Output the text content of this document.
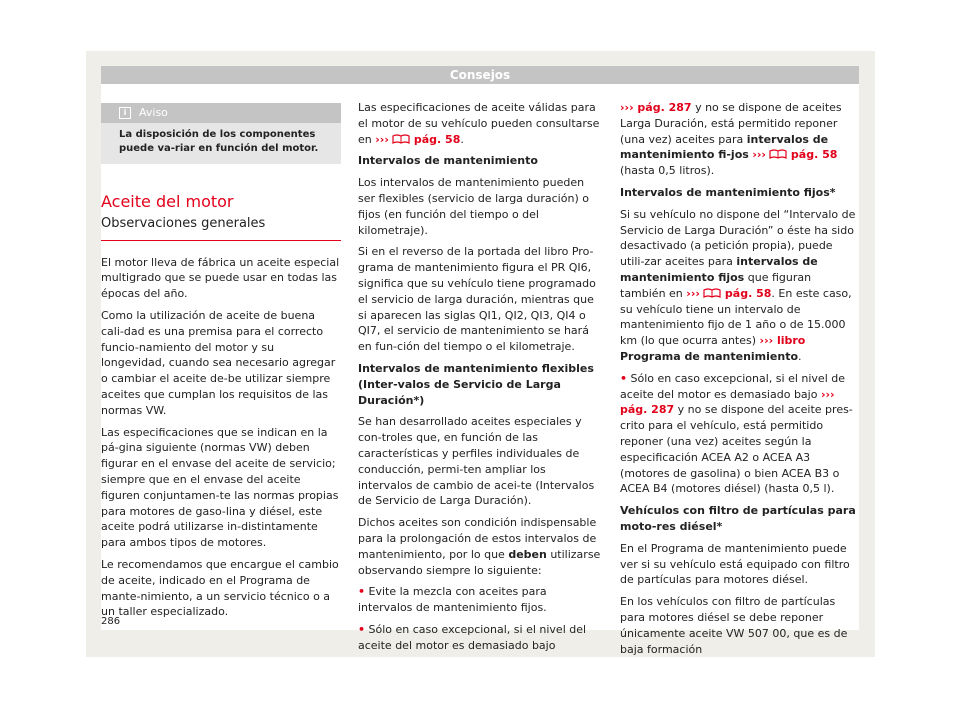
Consejos
i	Aviso
La disposición de los componentes puede va-riar en función del motor.
Aceite del motor
Observaciones generales

El motor lleva de fábrica un aceite especial multigrado que se puede usar en todas las épocas del año.

Como la utilización de aceite de buena cali-dad es una premisa para el correcto funcio-namiento del motor y su longevidad, cuando sea necesario agregar o cambiar el aceite de-be utilizar siempre aceites que cumplan los requisitos de las normas VW.

Las especificaciones que se indican en la pá-gina siguiente (normas VW) deben figurar en el envase del aceite de servicio; siempre que en el envase del aceite figuren conjuntamen-te las normas propias para motores de gaso-lina y diésel, este aceite podrá utilizarse in-distintamente para ambos tipos de motores.

Le recomendamos que encargue el cambio de aceite, indicado en el Programa de mante-nimiento, a un servicio técnico o a un taller especializado.

Las especificaciones de aceite válidas para el motor de su vehículo pueden consultarse en ››› pág. 58.

Intervalos de mantenimiento

Los intervalos de mantenimiento pueden ser flexibles (servicio de larga duración) o fijos (en función del tiempo o del kilometraje).

Si en el reverso de la portada del libro Pro-grama de mantenimiento figura el PR QI6, significa que su vehículo tiene programado el servicio de larga duración, mientras que si aparecen las siglas QI1, QI2, QI3, QI4 o QI7, el servicio de mantenimiento se hará en fun-ción del tiempo o el kilometraje.

Intervalos de mantenimiento flexibles (Inter-valos de Servicio de Larga Duración*)

Se han desarrollado aceites especiales y con-troles que, en función de las características y perfiles individuales de conducción, permi-ten ampliar los intervalos de cambio de acei-te (Intervalos de Servicio de Larga Duración).

Dichos aceites son condición indispensable para la prolongación de estos intervalos de mantenimiento, por lo que deben utilizarse observando siempre lo siguiente:

• Evite la mezcla con aceites para intervalos de mantenimiento fijos.

• Sólo en caso excepcional, si el nivel del aceite del motor es demasiado bajo

››› pág. 287 y no se dispone de aceites Larga Duración, está permitido reponer (una vez) aceites para intervalos de mantenimiento fi-jos ››› pág. 58 (hasta 0,5 litros).

Intervalos de mantenimiento fijos*

Si su vehículo no dispone del “Intervalo de Servicio de Larga Duración” o éste ha sido desactivado (a petición propia), puede utili-zar aceites para intervalos de mantenimiento fijos que figuran también en ››› pág. 58. En este caso, su vehículo tiene un intervalo de mantenimiento fijo de 1 año o de 15.000 km (lo que ocurra antes) ››› libro Programa de mantenimiento.

• Sólo en caso excepcional, si el nivel de aceite del motor es demasiado bajo ››› pág. 287 y no se dispone del aceite pres-crito para el vehículo, está permitido reponer (una vez) aceites según la especificación ACEA A2 o ACEA A3 (motores de gasolina) o bien ACEA B3 o ACEA B4 (motores diésel) (hasta 0,5 l).

Vehículos con filtro de partículas para moto-res diésel*

En el Programa de mantenimiento puede ver si su vehículo está equipado con filtro de partículas para motores diésel.

En los vehículos con filtro de partículas para motores diésel se debe reponer únicamente aceite VW 507 00, que es de baja formación

286
